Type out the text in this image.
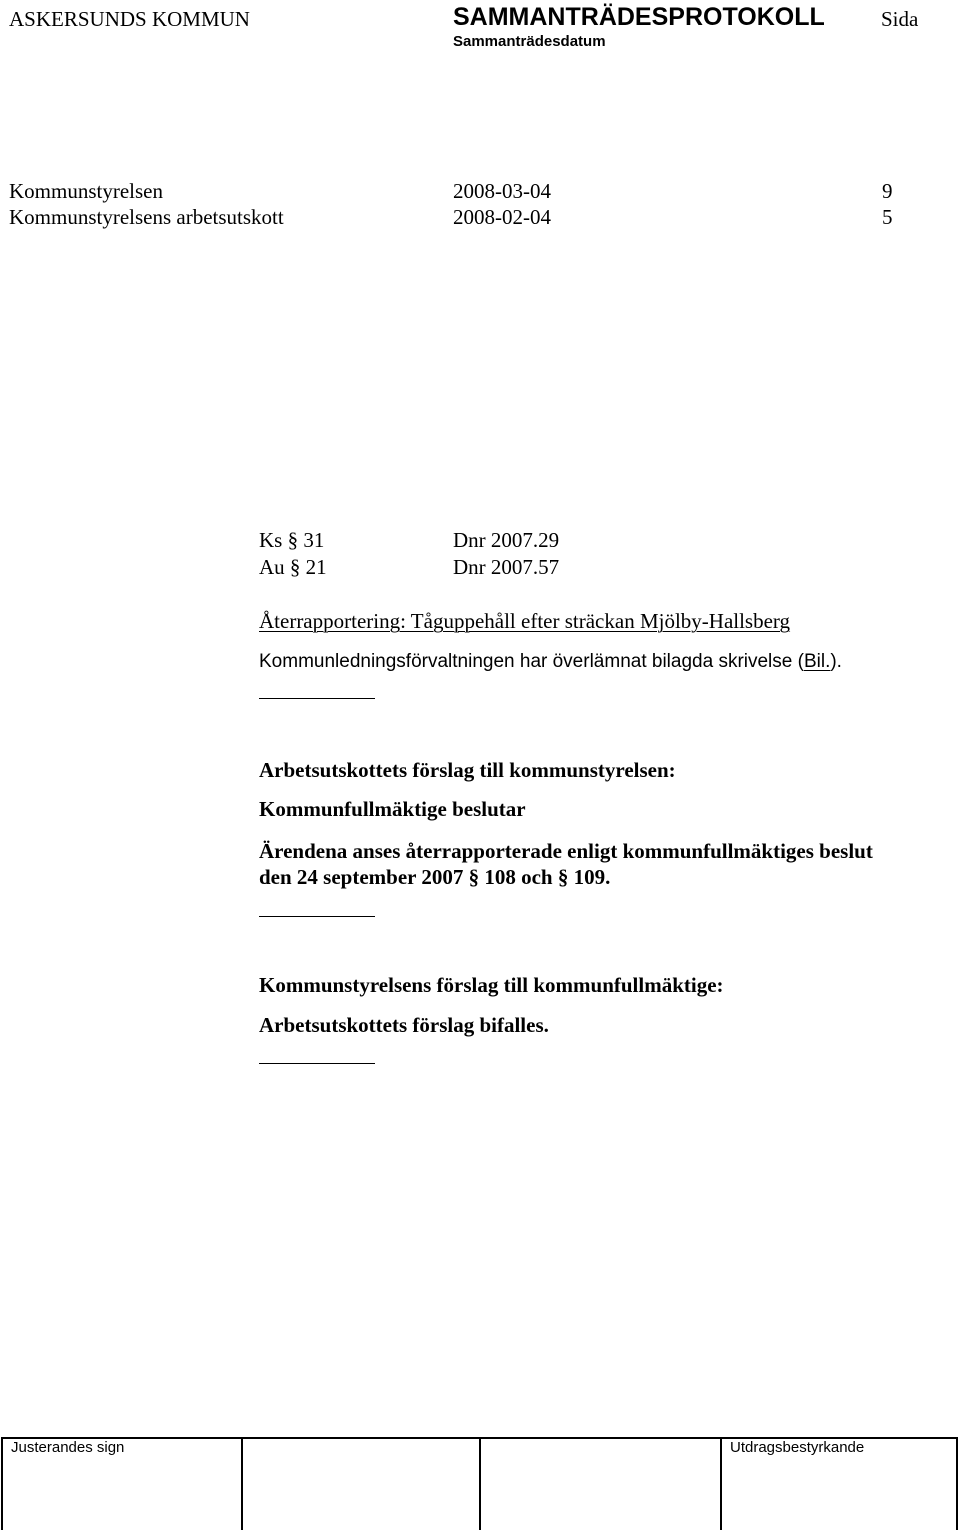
ASKERSUNDS KOMMUN	SAMMANTRÄDESPROTOKOLL	Sida
Sammanträdesdatum
Kommunstyrelsen	2008-03-04	9
Kommunstyrelsens arbetsutskott	2008-02-04	5
Ks § 31	Dnr 2007.29
Au § 21	Dnr 2007.57
Återrapportering: Tåguppehåll efter sträckan Mjölby-Hallsberg
Kommunledningsförvaltningen har överlämnat bilagda skrivelse (Bil.).
Arbetsutskottets förslag till kommunstyrelsen:
Kommunfullmäktige beslutar
Ärendena anses återrapporterade enligt kommunfullmäktiges beslut
den 24 september 2007 § 108 och § 109.
Kommunstyrelsens förslag till kommunfullmäktige:
Arbetsutskottets förslag bifalles.
Justerandes sign			Utdragsbestyrkande
